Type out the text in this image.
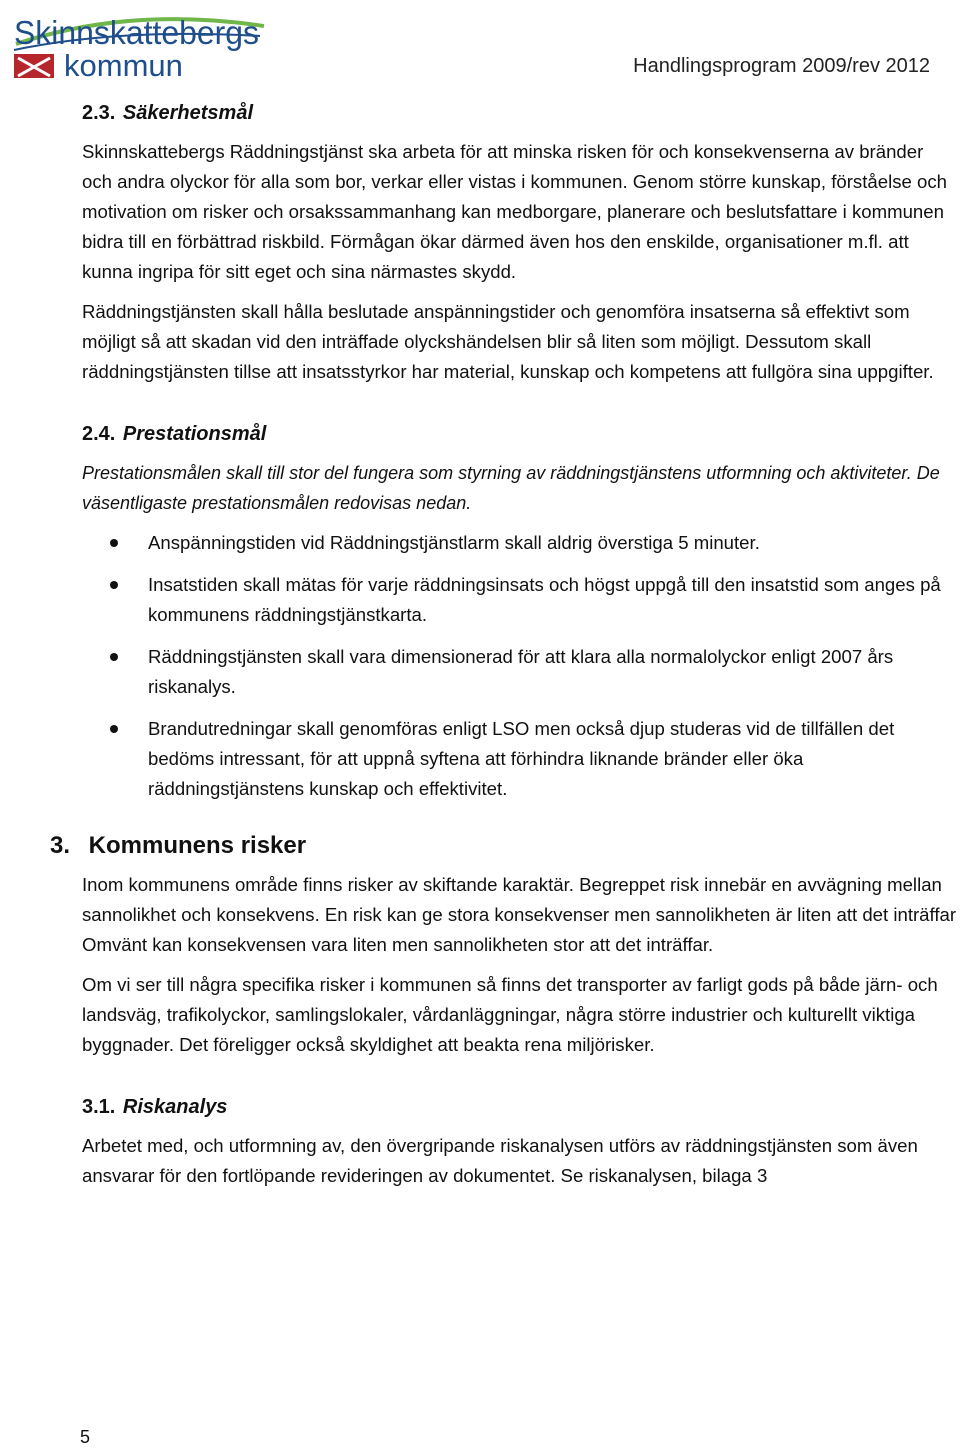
Skinnskattebergs
kommun	Handlingsprogram 2009/rev 2012
2.3. Säkerhetsmål

Skinnskattebergs Räddningstjänst ska arbeta för att minska risken för och konsekvenserna av bränder och andra olyckor för alla som bor, verkar eller vistas i kommunen. Genom större kunskap, förståelse och motivation om risker och orsakssammanhang kan medborgare, planerare och beslutsfattare i kommunen bidra till en förbättrad riskbild. Förmågan ökar därmed även hos den enskilde, organisationer m.fl. att kunna ingripa för sitt eget och sina närmastes skydd.

Räddningstjänsten skall hålla beslutade anspänningstider och genomföra insatserna så effektivt som möjligt så att skadan vid den inträffade olyckshändelsen blir så liten som möjligt. Dessutom skall räddningstjänsten tillse att insatsstyrkor har material, kunskap och kompetens att fullgöra sina uppgifter.

2.4. Prestationsmål

Prestationsmålen skall till stor del fungera som styrning av räddningstjänstens utformning och aktiviteter. De väsentligaste prestationsmålen redovisas nedan.

Anspänningstiden vid Räddningstjänstlarm skall aldrig överstiga 5 minuter.
Insatstiden skall mätas för varje räddningsinsats och högst uppgå till den insatstid som anges på kommunens räddningstjänstkarta.
Räddningstjänsten skall vara dimensionerad för att klara alla normalolyckor enligt 2007 års riskanalys.
Brandutredningar skall genomföras enligt LSO men också djup studeras vid de tillfällen det bedöms intressant, för att uppnå syftena att förhindra liknande bränder eller öka räddningstjänstens kunskap och effektivitet.
3. Kommunens risker

Inom kommunens område finns risker av skiftande karaktär. Begreppet risk innebär en avvägning mellan sannolikhet och konsekvens. En risk kan ge stora konsekvenser men sannolikheten är liten att det inträffar Omvänt kan konsekvensen vara liten men sannolikheten stor att det inträffar.

Om vi ser till några specifika risker i kommunen så finns det transporter av farligt gods på både järn- och landsväg, trafikolyckor, samlingslokaler, vårdanläggningar, några större industrier och kulturellt viktiga byggnader. Det föreligger också skyldighet att beakta rena miljörisker.

3.1. Riskanalys

Arbetet med, och utformning av, den övergripande riskanalysen utförs av räddningstjänsten som även ansvarar för den fortlöpande revideringen av dokumentet. Se riskanalysen, bilaga 3

5
